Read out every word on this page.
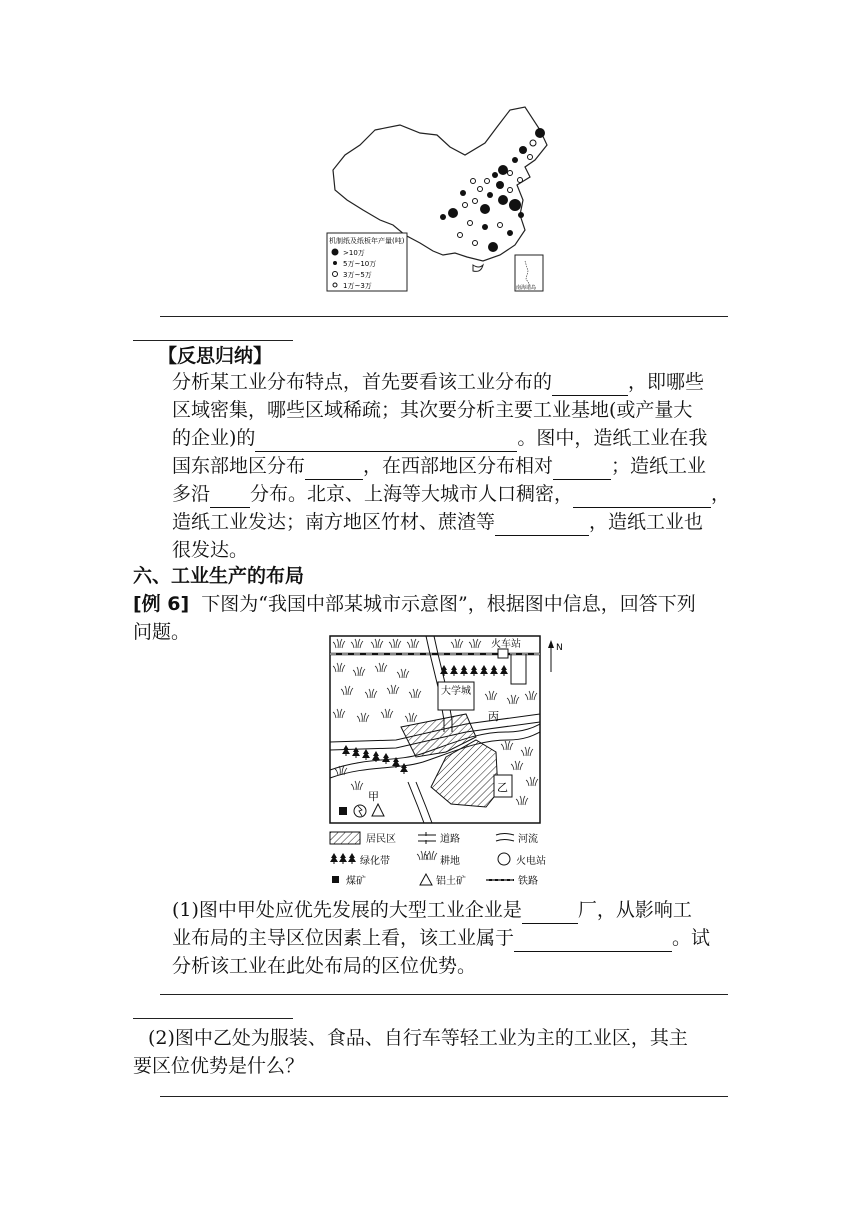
机制纸及纸板年产量(吨)
>10万
5万~10万
3万~5万
1万~3万	南海诸岛
【反思归纳】
分析某工业分布特点，首先要看该工业分布的	，即哪些
区域密集，哪些区域稀疏；其次要分析主要工业基地(或产量大
的企业)的	。图中，造纸工业在我
国东部地区分布	，在西部地区分布相对	；造纸工业
多沿 分布。北京、上海等大城市人口稠密，	，
造纸工业发达；南方地区竹材、蔗渣等	，造纸工业也
很发达。
六、工业生产的布局
[例 6] 下图为“我国中部某城市示意图”，根据图中信息，回答下列
问题。
火车站	N
大学城
丙
乙
甲
居民区	道路	河流
绿化带	耕地	火电站
煤矿	铝土矿	铁路
(1)图中甲处应优先发展的大型工业企业是	厂，从影响工
业布局的主导区位因素上看，该工业属于	。试
分析该工业在此处布局的区位优势。
(2)图中乙处为服装、食品、自行车等轻工业为主的工业区，其主
要区位优势是什么？
